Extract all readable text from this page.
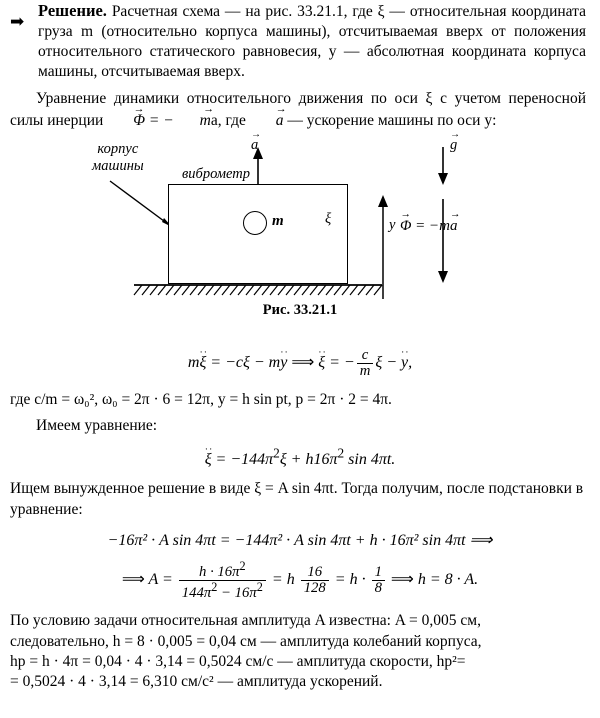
➡
Решение. Расчетная схема — на рис. 33.21.1, где ξ — относительная координата груза m (относительно корпуса машины), отсчитываемая вверх от положения относительного статического равновесия, y — абсолютная координата корпуса машины, отсчитываемая вверх.
Уравнение динамики относительного движения по оси ξ с учетом переносной силы инерции
→
Φ = −
→
ma, где
→
a — ускорение машины по оси y:
корпус
машины	виброметр
m	ξ	y
→
a
→
g
→
Φ = −m
→
a
Рис. 33.21.1
m
··
ξ = −cξ − m
··
y ⟹
··
ξ = − $\frac{c}{m}$ ξ −
··
y,
где c/m = ω₀², ω₀ = 2π · 6 = 12π, y = h sin pt, p = 2π · 2 = 4π.
Имеем уравнение:
··
$\xi = -144\pi^2\xi + h16\pi^2$ sin 4πt.
Ищем вынужденное решение в виде ξ = A sin 4πt. Тогда получим, после подстановки в уравнение:
−16π² · A sin 4πt = −144π² · A sin 4πt + h · 16π² sin 4πt ⟹
⟹ $A = \frac{h \cdot 16\pi^2}{144\pi^2 - 16\pi^2} = h \frac{16}{128} = h \cdot \frac{1}{8}$ ⟹ h = 8 · A.
По условию задачи относительная амплитуда A известна: A = 0,005 см,
следовательно, h = 8 · 0,005 = 0,04 см — амплитуда колебаний корпуса,
hp = h · 4π = 0,04 · 4 · 3,14 = 0,5024 см/с — амплитуда скорости, hp²=
= 0,5024 · 4 · 3,14 = 6,310 см/с² — амплитуда ускорений.
